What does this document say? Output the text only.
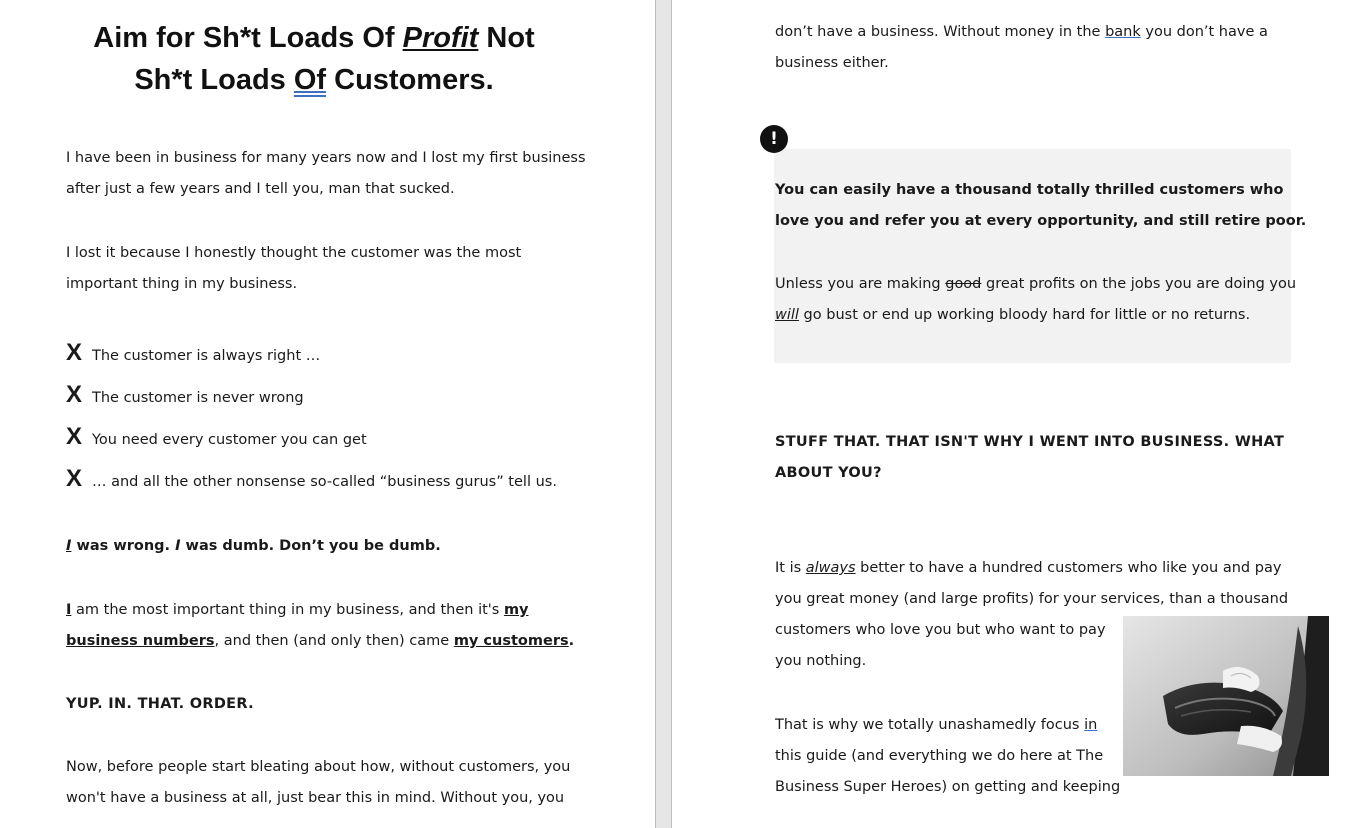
Aim for Sh*t Loads Of Profit Not
Sh*t Loads Of Customers.
I have been in business for many years now and I lost my first business
after just a few years and I tell you, man that sucked.
I lost it because I honestly thought the customer was the most
important thing in my business.
X The customer is always right …
X The customer is never wrong
X You need every customer you can get
X … and all the other nonsense so-called “business gurus” tell us.
I was wrong. I was dumb. Don’t you be dumb.
I am the most important thing in my business, and then it's my
business numbers, and then (and only then) came my customers.
YUP. IN. THAT. ORDER.
Now, before people start bleating about how, without customers, you
won't have a business at all, just bear this in mind. Without you, you
don’t have a business. Without money in the bank you don’t have a
business either.
!
You can easily have a thousand totally thrilled customers who
love you and refer you at every opportunity, and still retire poor.
Unless you are making good great profits on the jobs you are doing you
will go bust or end up working bloody hard for little or no returns.
STUFF THAT. THAT ISN'T WHY I WENT INTO BUSINESS. WHAT
ABOUT YOU?
It is always better to have a hundred customers who like you and pay
you great money (and large profits) for your services, than a thousand
customers who love you but who want to pay
you nothing.
That is why we totally unashamedly focus in
this guide (and everything we do here at The
Business Super Heroes) on getting and keeping
